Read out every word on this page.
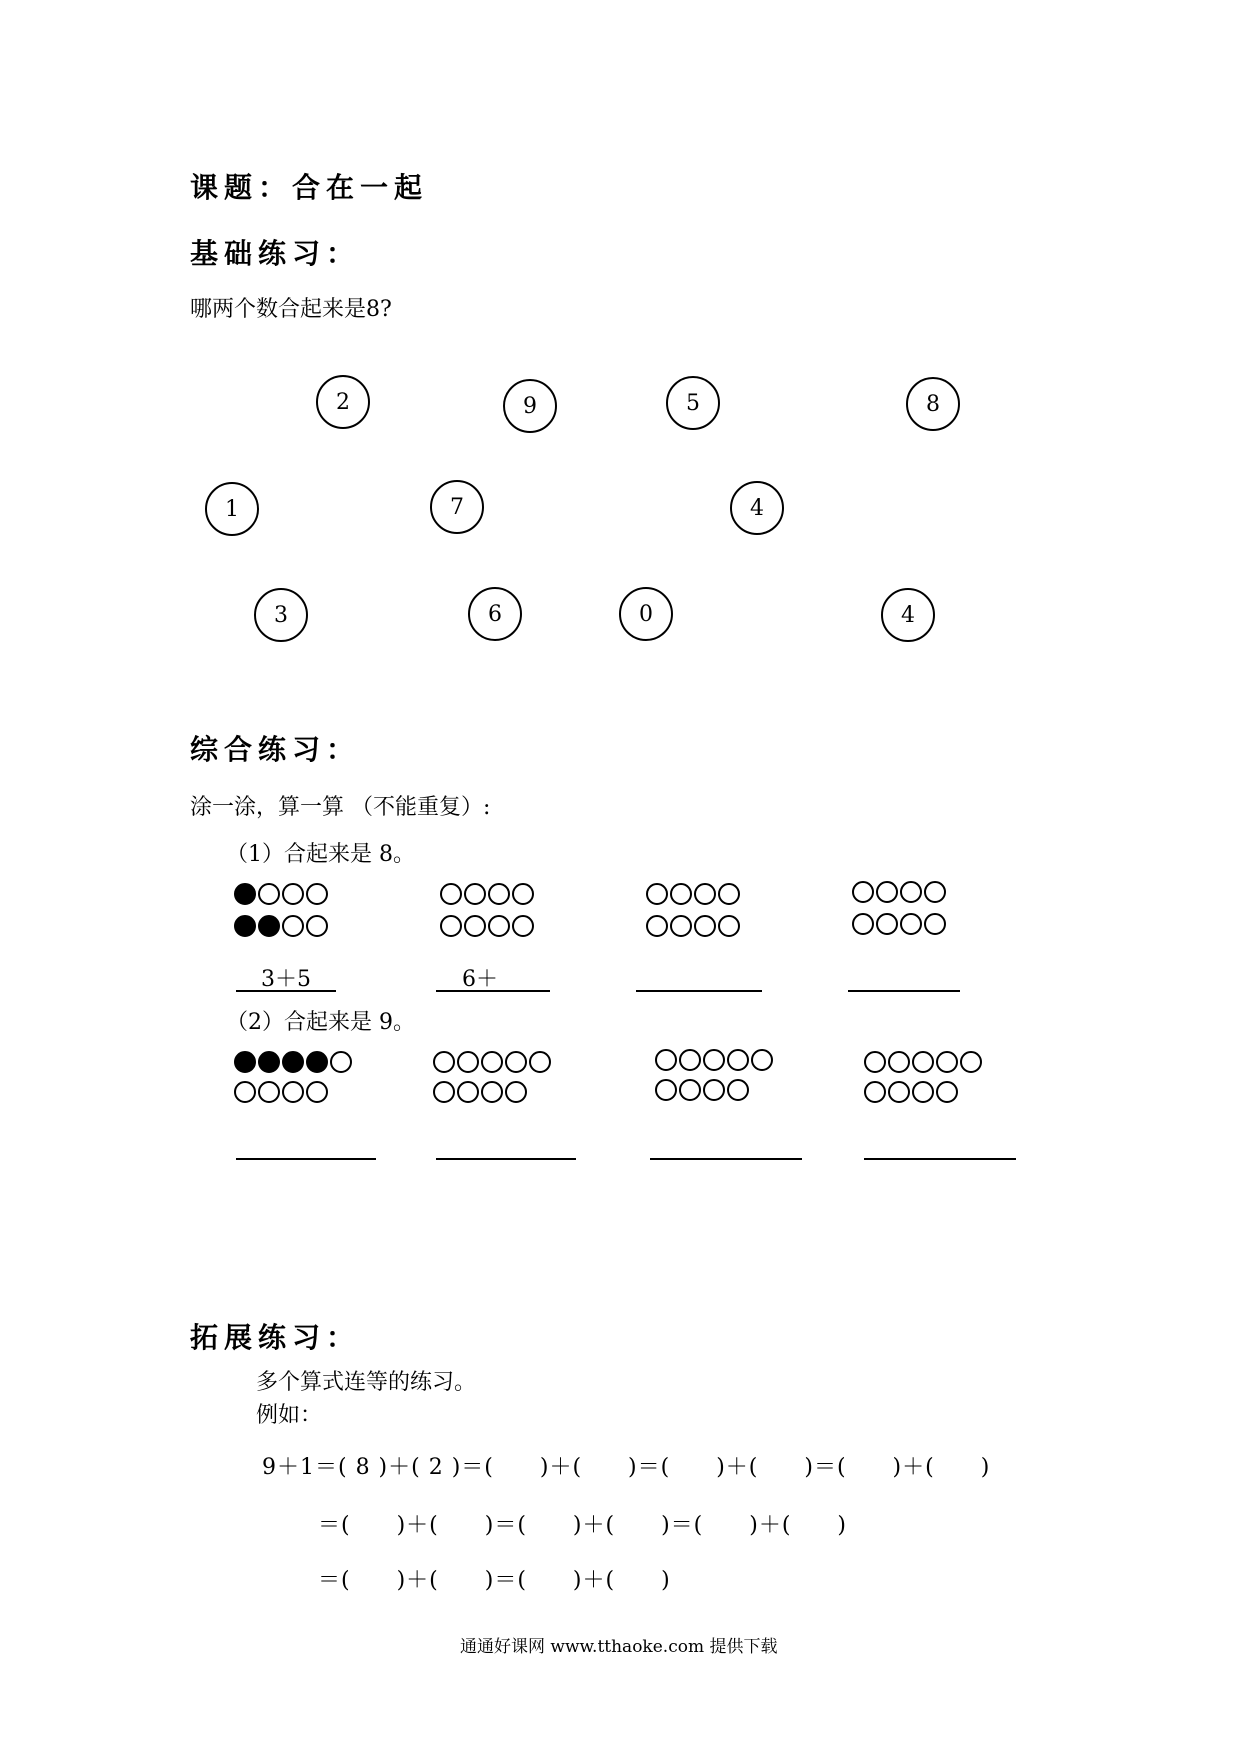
课题：合在一起
基础练习：
哪两个数合起来是8?
2	9	5	8
1	7	4
3	6	0	4
综合练习：
涂一涂，算一算 （不能重复）:
（1）合起来是 8。
3＋5	6＋
（2）合起来是 9。
拓展练习：
多个算式连等的练习。
例如：
9＋1＝( 8 )＋( 2 )＝(　　)＋(　　)＝(　　)＋(　　)＝(　　)＋(　　)
＝(　　)＋(　　)＝(　　)＋(　　)＝(　　)＋(　　)
＝(　　)＋(　　)＝(　　)＋(　　)
通通好课网 www.tthaoke.com 提供下载
